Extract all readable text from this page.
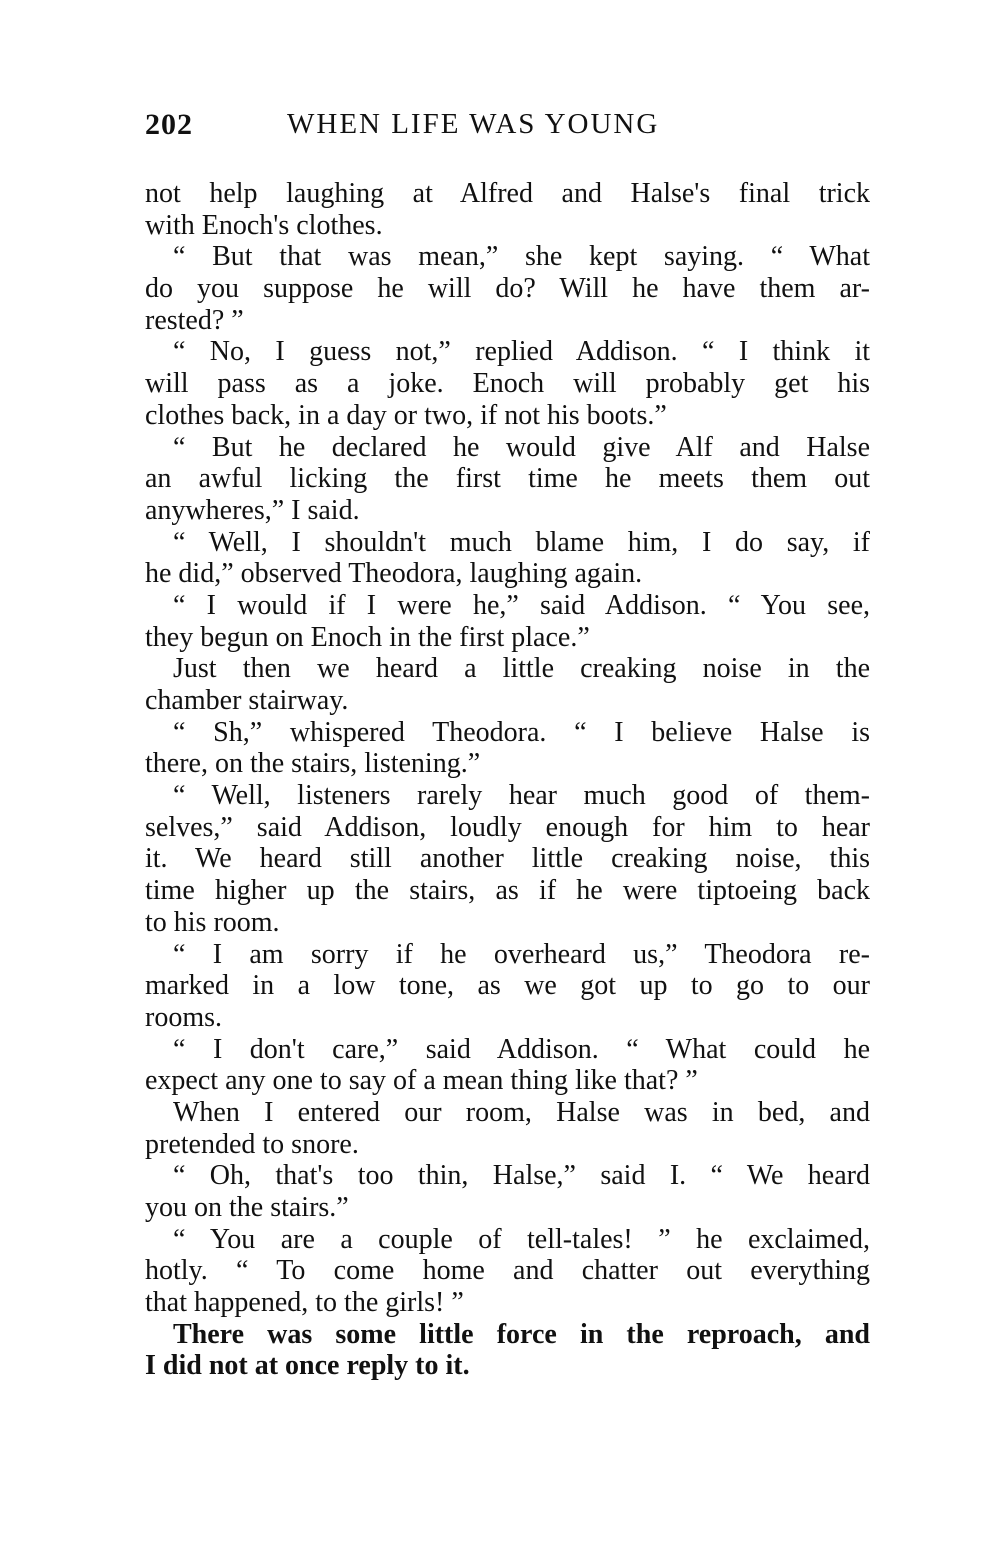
202	WHEN LIFE WAS YOUNG
not help laughing at Alfred and Halse's final trick
with Enoch's clothes.
“ But that was mean,” she kept saying. “ What
do you suppose he will do? Will he have them ar-
rested? ”
“ No, I guess not,” replied Addison. “ I think it
will pass as a joke. Enoch will probably get his
clothes back, in a day or two, if not his boots.”
“ But he declared he would give Alf and Halse
an awful licking the first time he meets them out
anywheres,” I said.
“ Well, I shouldn't much blame him, I do say, if
he did,” observed Theodora, laughing again.
“ I would if I were he,” said Addison. “ You see,
they begun on Enoch in the first place.”
Just then we heard a little creaking noise in the
chamber stairway.
“ Sh,” whispered Theodora. “ I believe Halse is
there, on the stairs, listening.”
“ Well, listeners rarely hear much good of them-
selves,” said Addison, loudly enough for him to hear
it. We heard still another little creaking noise, this
time higher up the stairs, as if he were tiptoeing back
to his room.
“ I am sorry if he overheard us,” Theodora re-
marked in a low tone, as we got up to go to our
rooms.
“ I don't care,” said Addison. “ What could he
expect any one to say of a mean thing like that? ”
When I entered our room, Halse was in bed, and
pretended to snore.
“ Oh, that's too thin, Halse,” said I. “ We heard
you on the stairs.”
“ You are a couple of tell-tales! ” he exclaimed,
hotly. “ To come home and chatter out everything
that happened, to the girls! ”
There was some little force in the reproach, and
I did not at once reply to it.
